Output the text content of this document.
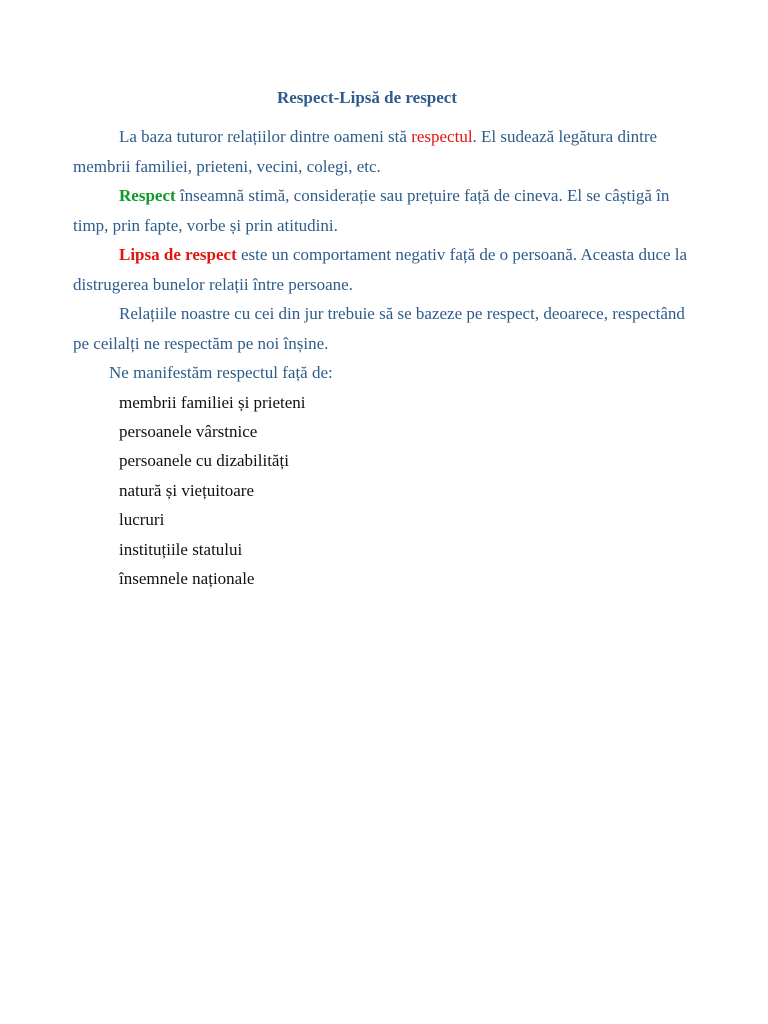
Respect-Lipsă de respect

La baza tuturor relațiilor dintre oameni stă respectul. El sudează legătura dintre membrii familiei, prieteni, vecini, colegi, etc.

Respect înseamnă stimă, considerație sau prețuire față de cineva. El se câștigă în timp, prin fapte, vorbe și prin atitudini.

Lipsa de respect este un comportament negativ față de o persoană. Aceasta duce la distrugerea bunelor relații între persoane.

Relațiile noastre cu cei din jur trebuie să se bazeze pe respect, deoarece, respectând pe ceilalți ne respectăm pe noi înșine.

Ne manifestăm respectul față de:

membrii familiei și prieteni
persoanele vârstnice
persoanele cu dizabilități
natură și viețuitoare
lucruri
instituțiile statului
însemnele naționale
